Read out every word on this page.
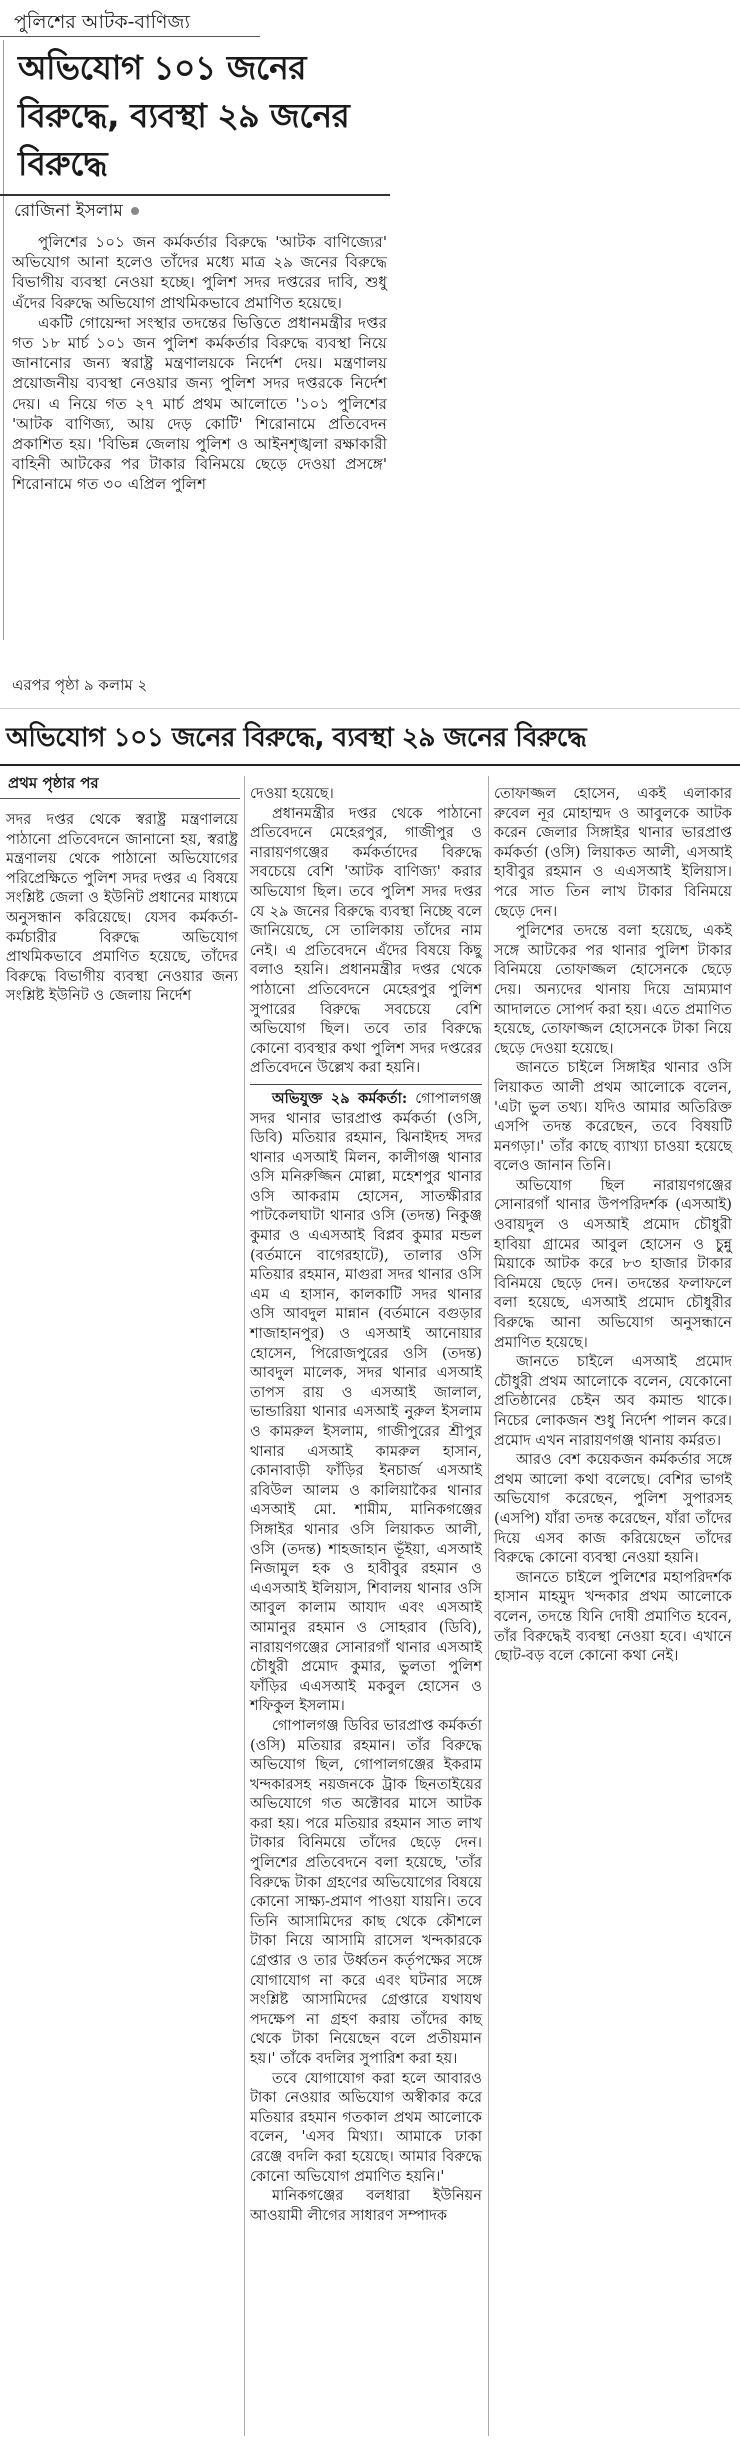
পুলিশের আটক-বাণিজ্য
অভিযোগ ১০১ জনের বিরুদ্ধে, ব্যবস্থা ২৯ জনের বিরুদ্ধে
রোজিনা ইসলাম

পুলিশের ১০১ জন কর্মকর্তার বিরুদ্ধে 'আটক বাণিজ্যের' অভিযোগ আনা হলেও তাঁদের মধ্যে মাত্র ২৯ জনের বিরুদ্ধে বিভাগীয় ব্যবস্থা নেওয়া হচ্ছে। পুলিশ সদর দপ্তরের দাবি, শুধু এঁদের বিরুদ্ধে অভিযোগ প্রাথমিকভাবে প্রমাণিত হয়েছে।

একটি গোয়েন্দা সংস্থার তদন্তের ভিত্তিতে প্রধানমন্ত্রীর দপ্তর গত ১৮ মার্চ ১০১ জন পুলিশ কর্মকর্তার বিরুদ্ধে ব্যবস্থা নিয়ে জানানোর জন্য স্বরাষ্ট্র মন্ত্রণালয়কে নির্দেশ দেয়। মন্ত্রণালয় প্রয়োজনীয় ব্যবস্থা নেওয়ার জন্য পুলিশ সদর দপ্তরকে নির্দেশ দেয়। এ নিয়ে গত ২৭ মার্চ প্রথম আলোতে '১০১ পুলিশের 'আটক বাণিজ্য, আয় দেড় কোটি' শিরোনামে প্রতিবেদন প্রকাশিত হয়। 'বিভিন্ন জেলায় পুলিশ ও আইনশৃঙ্খলা রক্ষাকারী বাহিনী আটকের পর টাকার বিনিময়ে ছেড়ে দেওয়া প্রসঙ্গে' শিরোনামে গত ৩০ এপ্রিল পুলিশ

এরপর পৃষ্ঠা ৯ কলাম ২
অভিযোগ ১০১ জনের বিরুদ্ধে, ব্যবস্থা ২৯ জনের বিরুদ্ধে
প্রথম পৃষ্ঠার পর

সদর দপ্তর থেকে স্বরাষ্ট্র মন্ত্রণালয়ে পাঠানো প্রতিবেদনে জানানো হয়, স্বরাষ্ট্র মন্ত্রণালয় থেকে পাঠানো অভিযোগের পরিপ্রেক্ষিতে পুলিশ সদর দপ্তর এ বিষয়ে সংশ্লিষ্ট জেলা ও ইউনিট প্রধানের মাধ্যমে অনুসন্ধান করিয়েছে। যেসব কর্মকর্তা-কর্মচারীর বিরুদ্ধে অভিযোগ প্রাথমিকভাবে প্রমাণিত হয়েছে, তাঁদের বিরুদ্ধে বিভাগীয় ব্যবস্থা নেওয়ার জন্য সংশ্লিষ্ট ইউনিট ও জেলায় নির্দেশ

দেওয়া হয়েছে।

প্রধানমন্ত্রীর দপ্তর থেকে পাঠানো প্রতিবেদনে মেহেরপুর, গাজীপুর ও নারায়ণগঞ্জের কর্মকর্তাদের বিরুদ্ধে সবচেয়ে বেশি 'আটক বাণিজ্য' করার অভিযোগ ছিল। তবে পুলিশ সদর দপ্তর যে ২৯ জনের বিরুদ্ধে ব্যবস্থা নিচ্ছে বলে জানিয়েছে, সে তালিকায় তাঁদের নাম নেই। এ প্রতিবেদনে এঁদের বিষয়ে কিছু বলাও হয়নি। প্রধানমন্ত্রীর দপ্তর থেকে পাঠানো প্রতিবেদনে মেহেরপুর পুলিশ সুপারের বিরুদ্ধে সবচেয়ে বেশি অভিযোগ ছিল। তবে তার বিরুদ্ধে কোনো ব্যবস্থার কথা পুলিশ সদর দপ্তরের প্রতিবেদনে উল্লেখ করা হয়নি।

অভিযুক্ত ২৯ কর্মকর্তা: গোপালগঞ্জ সদর থানার ভারপ্রাপ্ত কর্মকর্তা (ওসি, ডিবি) মতিয়ার রহমান, ঝিনাইদহ সদর থানার এসআই মিলন, কালীগঞ্জ থানার ওসি মনিরুজ্জিন মোল্লা, মহেশপুর থানার ওসি আকরাম হোসেন, সাতক্ষীরার পাটকেলঘাটা থানার ওসি (তদন্ত) নিকুঞ্জ কুমার ও এএসআই বিপ্লব কুমার মন্ডল (বর্তমানে বাগেরহাটে), তালার ওসি মতিয়ার রহমান, মাগুরা সদর থানার ওসি এম এ হাসান, কালকাটি সদর থানার ওসি আবদুল মান্নান (বর্তমানে বগুড়ার শাজাহানপুর) ও এসআই আনোয়ার হোসেন, পিরোজপুরের ওসি (তদন্ত) আবদুল মালেক, সদর থানার এসআই তাপস রায় ও এসআই জালাল, ভান্ডারিয়া থানার এসআই নুরুল ইসলাম ও কামরুল ইসলাম, গাজীপুরের শ্রীপুর থানার এসআই কামরুল হাসান, কোনাবাড়ী ফাঁড়ির ইনচার্জ এসআই রবিউল আলম ও কালিয়াকৈর থানার এসআই মো. শামীম, মানিকগঞ্জের সিঙ্গাইর থানার ওসি লিয়াকত আলী, ওসি (তদন্ত) শাহজাহান ভূঁইয়া, এসআই নিজামুল হক ও হাবীবুর রহমান ও এএসআই ইলিয়াস, শিবালয় থানার ওসি আবুল কালাম আযাদ এবং এসআই আমানুর রহমান ও সোহরাব (ডিবি), নারায়ণগঞ্জের সোনারগাঁ থানার এসআই চৌধুরী প্রমোদ কুমার, ভুলতা পুলিশ ফাঁড়ির এএসআই মকবুল হোসেন ও শফিকুল ইসলাম।

গোপালগঞ্জ ডিবির ভারপ্রাপ্ত কর্মকর্তা (ওসি) মতিয়ার রহমান। তাঁর বিরুদ্ধে অভিযোগ ছিল, গোপালগঞ্জের ইকরাম খন্দকারসহ নয়জনকে ট্রাক ছিনতাইয়ের অভিযোগে গত অক্টোবর মাসে আটক করা হয়। পরে মতিয়ার রহমান সাত লাখ টাকার বিনিময়ে তাঁদের ছেড়ে দেন। পুলিশের প্রতিবেদনে বলা হয়েছে, 'তাঁর বিরুদ্ধে টাকা গ্রহণের অভিযোগের বিষয়ে কোনো সাক্ষ্য-প্রমাণ পাওয়া যায়নি। তবে তিনি আসামিদের কাছ থেকে কৌশলে টাকা নিয়ে আসামি রাসেল খন্দকারকে গ্রেপ্তার ও তার উর্ধ্বতন কর্তৃপক্ষের সঙ্গে যোগাযোগ না করে এবং ঘটনার সঙ্গে সংশ্লিষ্ট আসামিদের গ্রেপ্তারে যথাযথ পদক্ষেপ না গ্রহণ করায় তাঁদের কাছ থেকে টাকা নিয়েছেন বলে প্রতীয়মান হয়।' তাঁকে বদলির সুপারিশ করা হয়।

তবে যোগাযোগ করা হলে আবারও টাকা নেওয়ার অভিযোগ অস্বীকার করে মতিয়ার রহমান গতকাল প্রথম আলোকে বলেন, 'এসব মিথ্যা। আমাকে ঢাকা রেঞ্জে বদলি করা হয়েছে। আমার বিরুদ্ধে কোনো অভিযোগ প্রমাণিত হয়নি।'

মানিকগঞ্জের বলধারা ইউনিয়ন আওয়ামী লীগের সাধারণ সম্পাদক

তোফাজ্জল হোসেন, একই এলাকার রুবেল নূর মোহাম্মদ ও আবুলকে আটক করেন জেলার সিঙ্গাইর থানার ভারপ্রাপ্ত কর্মকর্তা (ওসি) লিয়াকত আলী, এসআই হাবীবুর রহমান ও এএসআই ইলিয়াস। পরে সাত তিন লাখ টাকার বিনিময়ে ছেড়ে দেন।

পুলিশের তদন্তে বলা হয়েছে, একই সঙ্গে আটকের পর থানার পুলিশ টাকার বিনিময়ে তোফাজ্জল হোসেনকে ছেড়ে দেয়। অন্যদের থানায় দিয়ে ভ্রাম্যমাণ আদালতে সোপর্দ করা হয়। এতে প্রমাণিত হয়েছে, তোফাজ্জল হোসেনকে টাকা নিয়ে ছেড়ে দেওয়া হয়েছে।

জানতে চাইলে সিঙ্গাইর থানার ওসি লিয়াকত আলী প্রথম আলোকে বলেন, 'এটা ভুল তথ্য। যদিও আমার অতিরিক্ত এসপি তদন্ত করেছেন, তবে বিষয়টি মনগড়া।' তাঁর কাছে ব্যাখ্যা চাওয়া হয়েছে বলেও জানান তিনি।

অভিযোগ ছিল নারায়ণগঞ্জের সোনারগাঁ থানার উপপরিদর্শক (এসআই) ওবায়দুল ও এসআই প্রমোদ চৌধুরী হাবিয়া গ্রামের আবুল হোসেন ও চুন্নু মিয়াকে আটক করে ৮৩ হাজার টাকার বিনিময়ে ছেড়ে দেন। তদন্তের ফলাফলে বলা হয়েছে, এসআই প্রমোদ চৌধুরীর বিরুদ্ধে আনা অভিযোগ অনুসন্ধানে প্রমাণিত হয়েছে।

জানতে চাইলে এসআই প্রমোদ চৌধুরী প্রথম আলোকে বলেন, যেকোনো প্রতিষ্ঠানের চেইন অব কমান্ড থাকে। নিচের লোকজন শুধু নির্দেশ পালন করে। প্রমোদ এখন নারায়ণগঞ্জ থানায় কর্মরত।

আরও বেশ কয়েকজন কর্মকর্তার সঙ্গে প্রথম আলো কথা বলেছে। বেশির ভাগই অভিযোগ করেছেন, পুলিশ সুপারসহ (এসপি) যাঁরা তদন্ত করেছেন, যাঁরা তাঁদের দিয়ে এসব কাজ করিয়েছেন তাঁদের বিরুদ্ধে কোনো ব্যবস্থা নেওয়া হয়নি।

জানতে চাইলে পুলিশের মহাপরিদর্শক হাসান মাহমুদ খন্দকার প্রথম আলোকে বলেন, তদন্তে যিনি দোষী প্রমাণিত হবেন, তাঁর বিরুদ্ধেই ব্যবস্থা নেওয়া হবে। এখানে ছোট-বড় বলে কোনো কথা নেই।
